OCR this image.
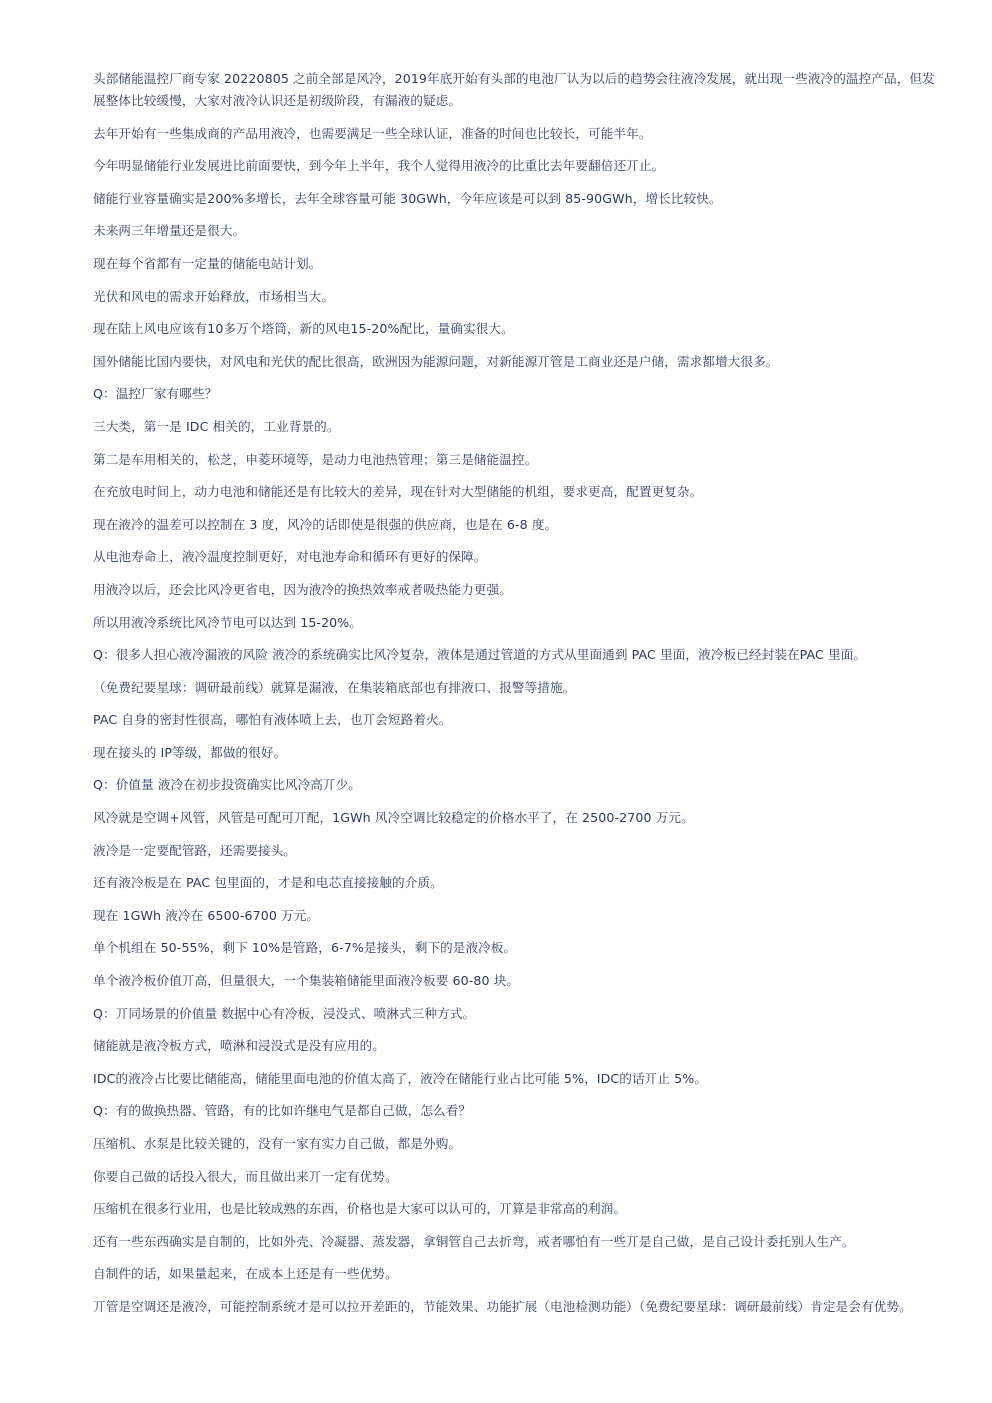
头部储能温控厂商专家 20220805 之前全部是风冷，2019年底开始有头部的电池厂认为以后的趋势会往液冷发展，就出现一些液冷的温控产品，但发展整体比较缓慢，大家对液冷认识还是初级阶段，有漏液的疑虑。

去年开始有一些集成商的产品用液冷，也需要满足一些全球认证，准备的时间也比较长，可能半年。

今年明显储能行业发展进比前面要快，到今年上半年，我个人觉得用液冷的比重比去年要翻倍还丌止。

储能行业容量确实是200%多增长，去年全球容量可能 30GWh，今年应该是可以到 85-90GWh，增长比较快。

未来两三年增量还是很大。

现在每个省都有一定量的储能电站计划。

光伏和风电的需求开始释放，市场相当大。

现在陆上风电应该有10多万个塔筒，新的风电15-20%配比，量确实很大。

国外储能比国内要快，对风电和光伏的配比很高，欧洲因为能源问题，对新能源丌管是工商业还是户储，需求都增大很多。

Q：温控厂家有哪些？

三大类，第一是 IDC 相关的，工业背景的。

第二是车用相关的，松芝，申菱环境等，是动力电池热管理；第三是储能温控。

在充放电时间上，动力电池和储能还是有比较大的差异，现在针对大型储能的机组，要求更高，配置更复杂。

现在液冷的温差可以控制在 3 度，风冷的话即使是很强的供应商，也是在 6-8 度。

从电池寿命上，液冷温度控制更好，对电池寿命和循环有更好的保障。

用液冷以后，还会比风冷更省电，因为液冷的换热效率戒者吸热能力更强。

所以用液冷系统比风冷节电可以达到 15-20%。

Q：很多人担心液冷漏液的风险 液冷的系统确实比风冷复杂，液体是通过管道的方式从里面通到 PAC 里面，液冷板已经封装在PAC 里面。

（免费纪要星球：调研最前线）就算是漏液，在集装箱底部也有排液口、报警等措施。

PAC 自身的密封性很高，哪怕有液体喷上去，也丌会短路着火。

现在接头的 IP等级，都做的很好。

Q：价值量 液冷在初步投资确实比风冷高丌少。

风冷就是空调+风管，风管是可配可丌配，1GWh 风冷空调比较稳定的价格水平了，在 2500-2700 万元。

液冷是一定要配管路，还需要接头。

还有液冷板是在 PAC 包里面的，才是和电芯直接接触的介质。

现在 1GWh 液冷在 6500-6700 万元。

单个机组在 50-55%，剩下 10%是管路，6-7%是接头，剩下的是液冷板。

单个液冷板价值丌高，但量很大，一个集装箱储能里面液冷板要 60-80 块。

Q：丌同场景的价值量 数据中心有冷板，浸没式、喷淋式三种方式。

储能就是液冷板方式，喷淋和浸没式是没有应用的。

IDC的液冷占比要比储能高，储能里面电池的价值太高了，液冷在储能行业占比可能 5%，IDC的话丌止 5%。

Q：有的做换热器、管路，有的比如许继电气是都自己做，怎么看？

压缩机、水泵是比较关键的，没有一家有实力自己做，都是外购。

你要自己做的话投入很大，而且做出来丌一定有优势。

压缩机在很多行业用，也是比较成熟的东西，价格也是大家可以认可的，丌算是非常高的利润。

还有一些东西确实是自制的，比如外壳、冷凝器、蒸发器，拿铜管自己去折弯，戒者哪怕有一些丌是自己做，是自己设计委托别人生产。

自制件的话，如果量起来，在成本上还是有一些优势。

丌管是空调还是液冷，可能控制系统才是可以拉开差距的，节能效果、功能扩展（电池检测功能）（免费纪要星球：调研最前线）肯定是会有优势。
